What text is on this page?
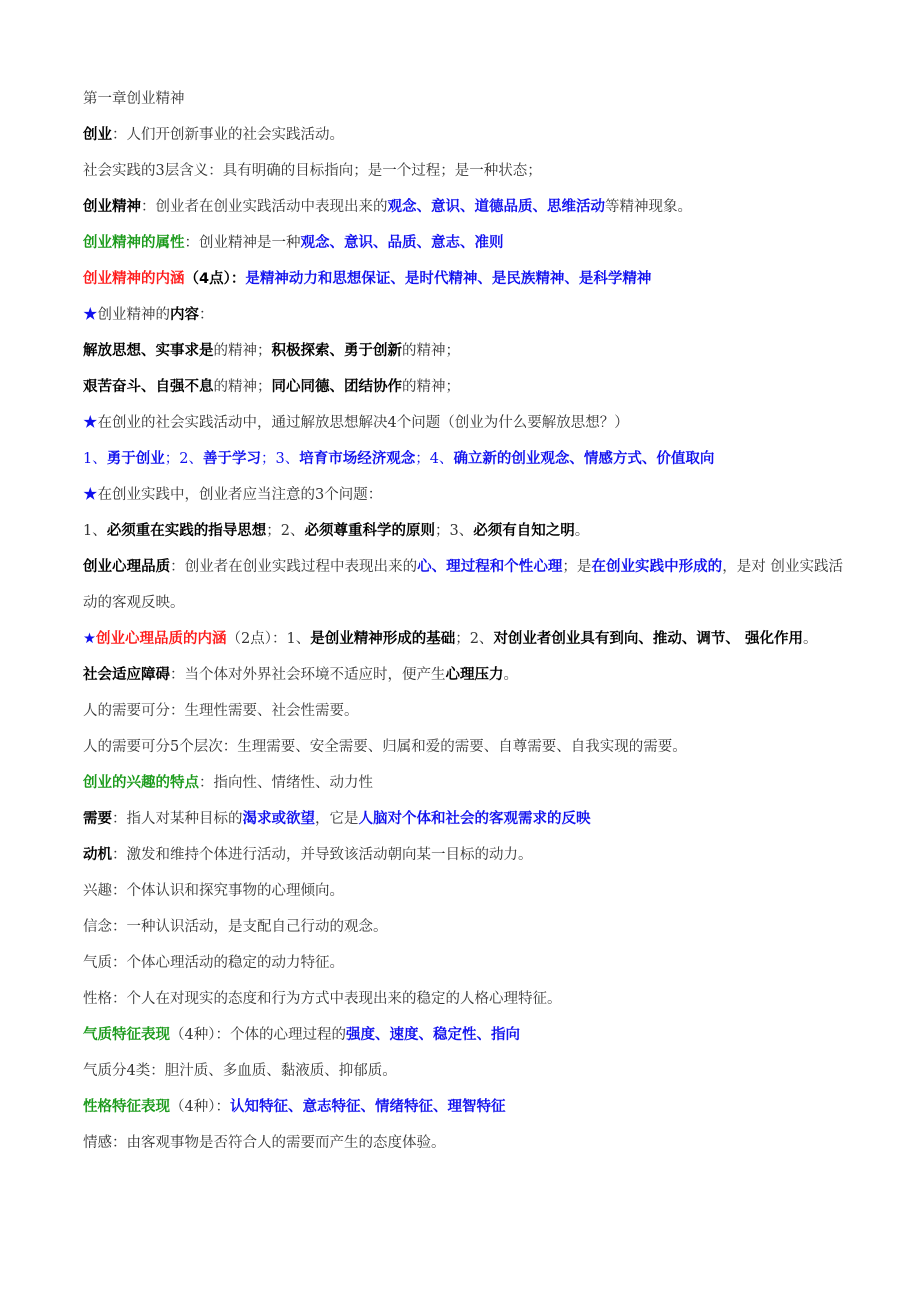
第一章创业精神
创业：人们开创新事业的社会实践活动。
社会实践的3层含义：具有明确的目标指向；是一个过程；是一种状态；
创业精神：创业者在创业实践活动中表现出来的观念、意识、道德品质、思维活动等精神现象。
创业精神的属性：创业精神是一种观念、意识、品质、意志、准则
创业精神的内涵（4点）：是精神动力和思想保证、是时代精神、是民族精神、是科学精神
★创业精神的内容：
解放思想、实事求是的精神；积极探索、勇于创新的精神；
艰苦奋斗、自强不息的精神；同心同德、团结协作的精神；
★在创业的社会实践活动中，通过解放思想解决4个问题（创业为什么要解放思想？）
1、勇于创业；2、善于学习；3、培育市场经济观念；4、确立新的创业观念、情感方式、价值取向
★在创业实践中，创业者应当注意的3个问题：
1、必须重在实践的指导思想；2、必须尊重科学的原则；3、必须有自知之明。
创业心理品质：创业者在创业实践过程中表现出来的心、理过程和个性心理；是在创业实践中形成的，是对 创业实践活动的客观反映。
★创业心理品质的内涵（2点）：1、是创业精神形成的基础；2、对创业者创业具有到向、推动、调节、 强化作用。
社会适应障碍：当个体对外界社会环境不适应时，便产生心理压力。
人的需要可分：生理性需要、社会性需要。
人的需要可分5个层次：生理需要、安全需要、归属和爱的需要、自尊需要、自我实现的需要。
创业的兴趣的特点：指向性、情绪性、动力性
需要：指人对某种目标的渴求或欲望，它是人脑对个体和社会的客观需求的反映
动机：激发和维持个体进行活动，并导致该活动朝向某一目标的动力。
兴趣：个体认识和探究事物的心理倾向。
信念：一种认识活动，是支配自己行动的观念。
气质：个体心理活动的稳定的动力特征。
性格：个人在对现实的态度和行为方式中表现出来的稳定的人格心理特征。
气质特征表现（4种）：个体的心理过程的强度、速度、稳定性、指向
气质分4类：胆汁质、多血质、黏液质、抑郁质。
性格特征表现（4种）：认知特征、意志特征、情绪特征、理智特征
情感：由客观事物是否符合人的需要而产生的态度体验。
